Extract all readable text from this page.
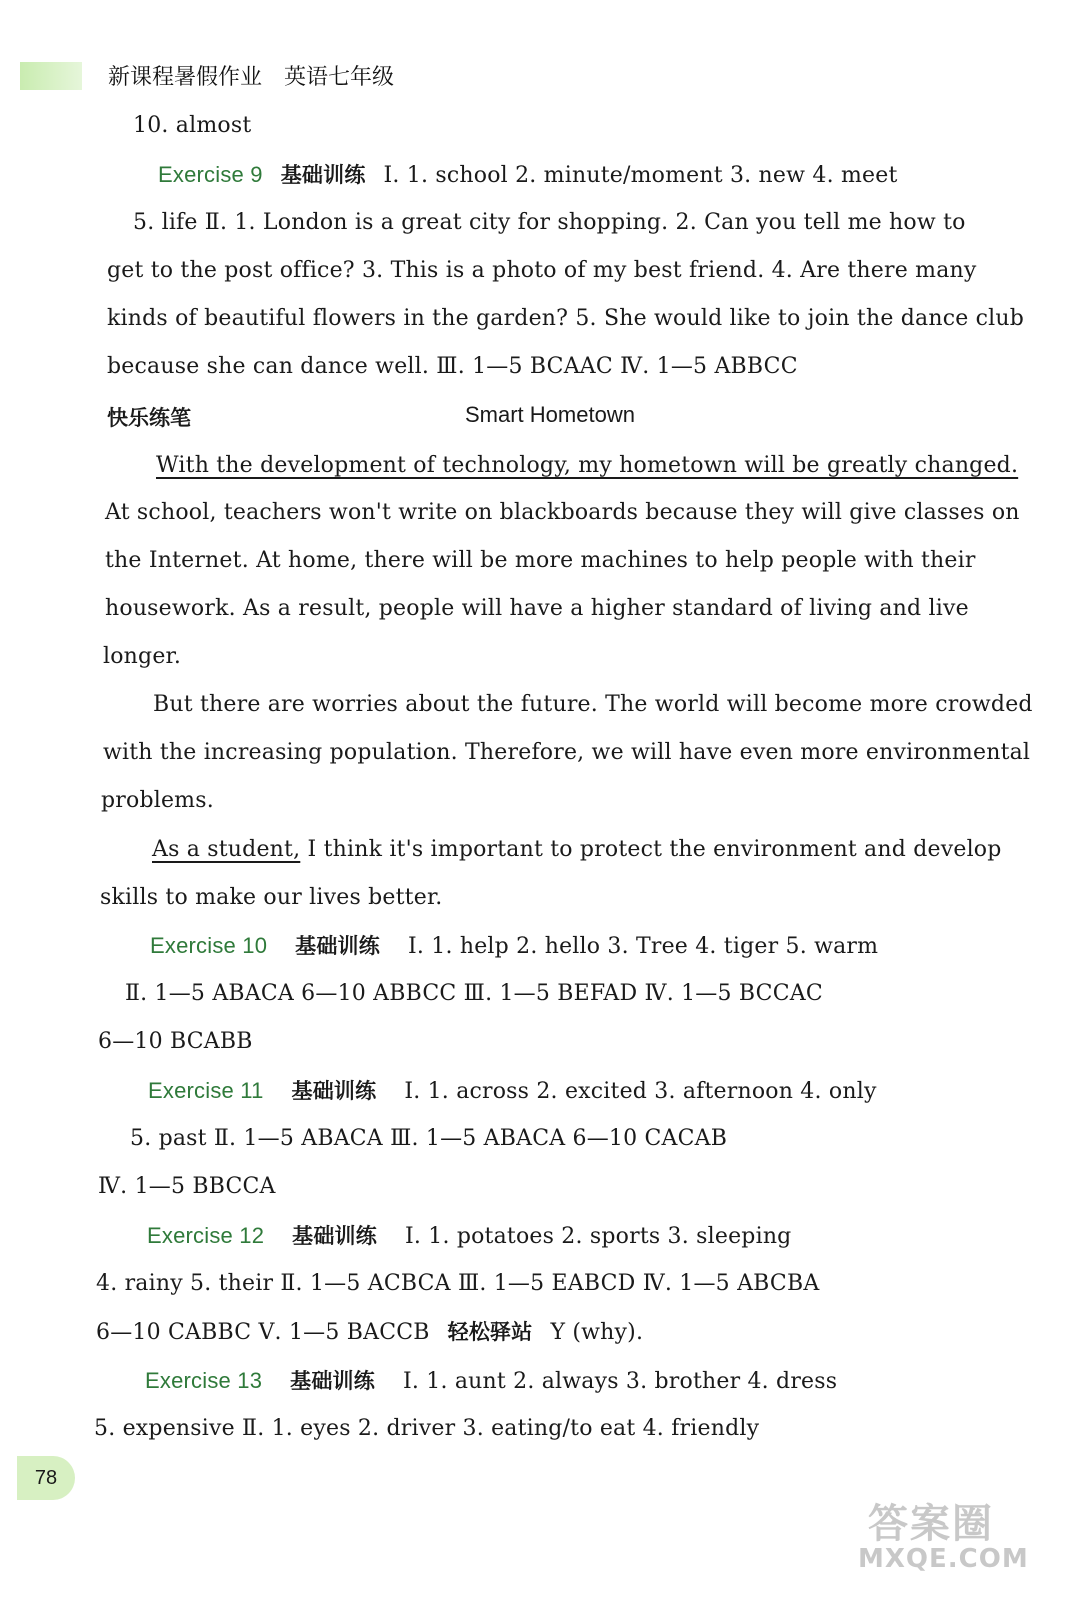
新课程暑假作业 英语七年级
10. almost
Exercise 9 基础训练 Ⅰ. 1. school 2. minute/moment 3. new 4. meet
5. life Ⅱ. 1. London is a great city for shopping. 2. Can you tell me how to
get to the post office? 3. This is a photo of my best friend. 4. Are there many
kinds of beautiful flowers in the garden? 5. She would like to join the dance club
because she can dance well. Ⅲ. 1—5 BCAAC Ⅳ. 1—5 ABBCC
快乐练笔	Smart Hometown
With the development of technology, my hometown will be greatly changed.
At school, teachers won't write on blackboards because they will give classes on
the Internet. At home, there will be more machines to help people with their
housework. As a result, people will have a higher standard of living and live
longer.
But there are worries about the future. The world will become more crowded
with the increasing population. Therefore, we will have even more environmental
problems.
As a student, I think it's important to protect the environment and develop
skills to make our lives better.
Exercise 10 基础训练 Ⅰ. 1. help 2. hello 3. Tree 4. tiger 5. warm
Ⅱ. 1—5 ABACA 6—10 ABBCC Ⅲ. 1—5 BEFAD Ⅳ. 1—5 BCCAC
6—10 BCABB
Exercise 11 基础训练 Ⅰ. 1. across 2. excited 3. afternoon 4. only
5. past Ⅱ. 1—5 ABACA Ⅲ. 1—5 ABACA 6—10 CACAB
Ⅳ. 1—5 BBCCA
Exercise 12 基础训练 Ⅰ. 1. potatoes 2. sports 3. sleeping
4. rainy 5. their Ⅱ. 1—5 ACBCA Ⅲ. 1—5 EABCD Ⅳ. 1—5 ABCBA
6—10 CABBC Ⅴ. 1—5 BACCB 轻松驿站 Y (why).
Exercise 13 基础训练 Ⅰ. 1. aunt 2. always 3. brother 4. dress
5. expensive Ⅱ. 1. eyes 2. driver 3. eating/to eat 4. friendly
78
答案圈
MXQE.COM
